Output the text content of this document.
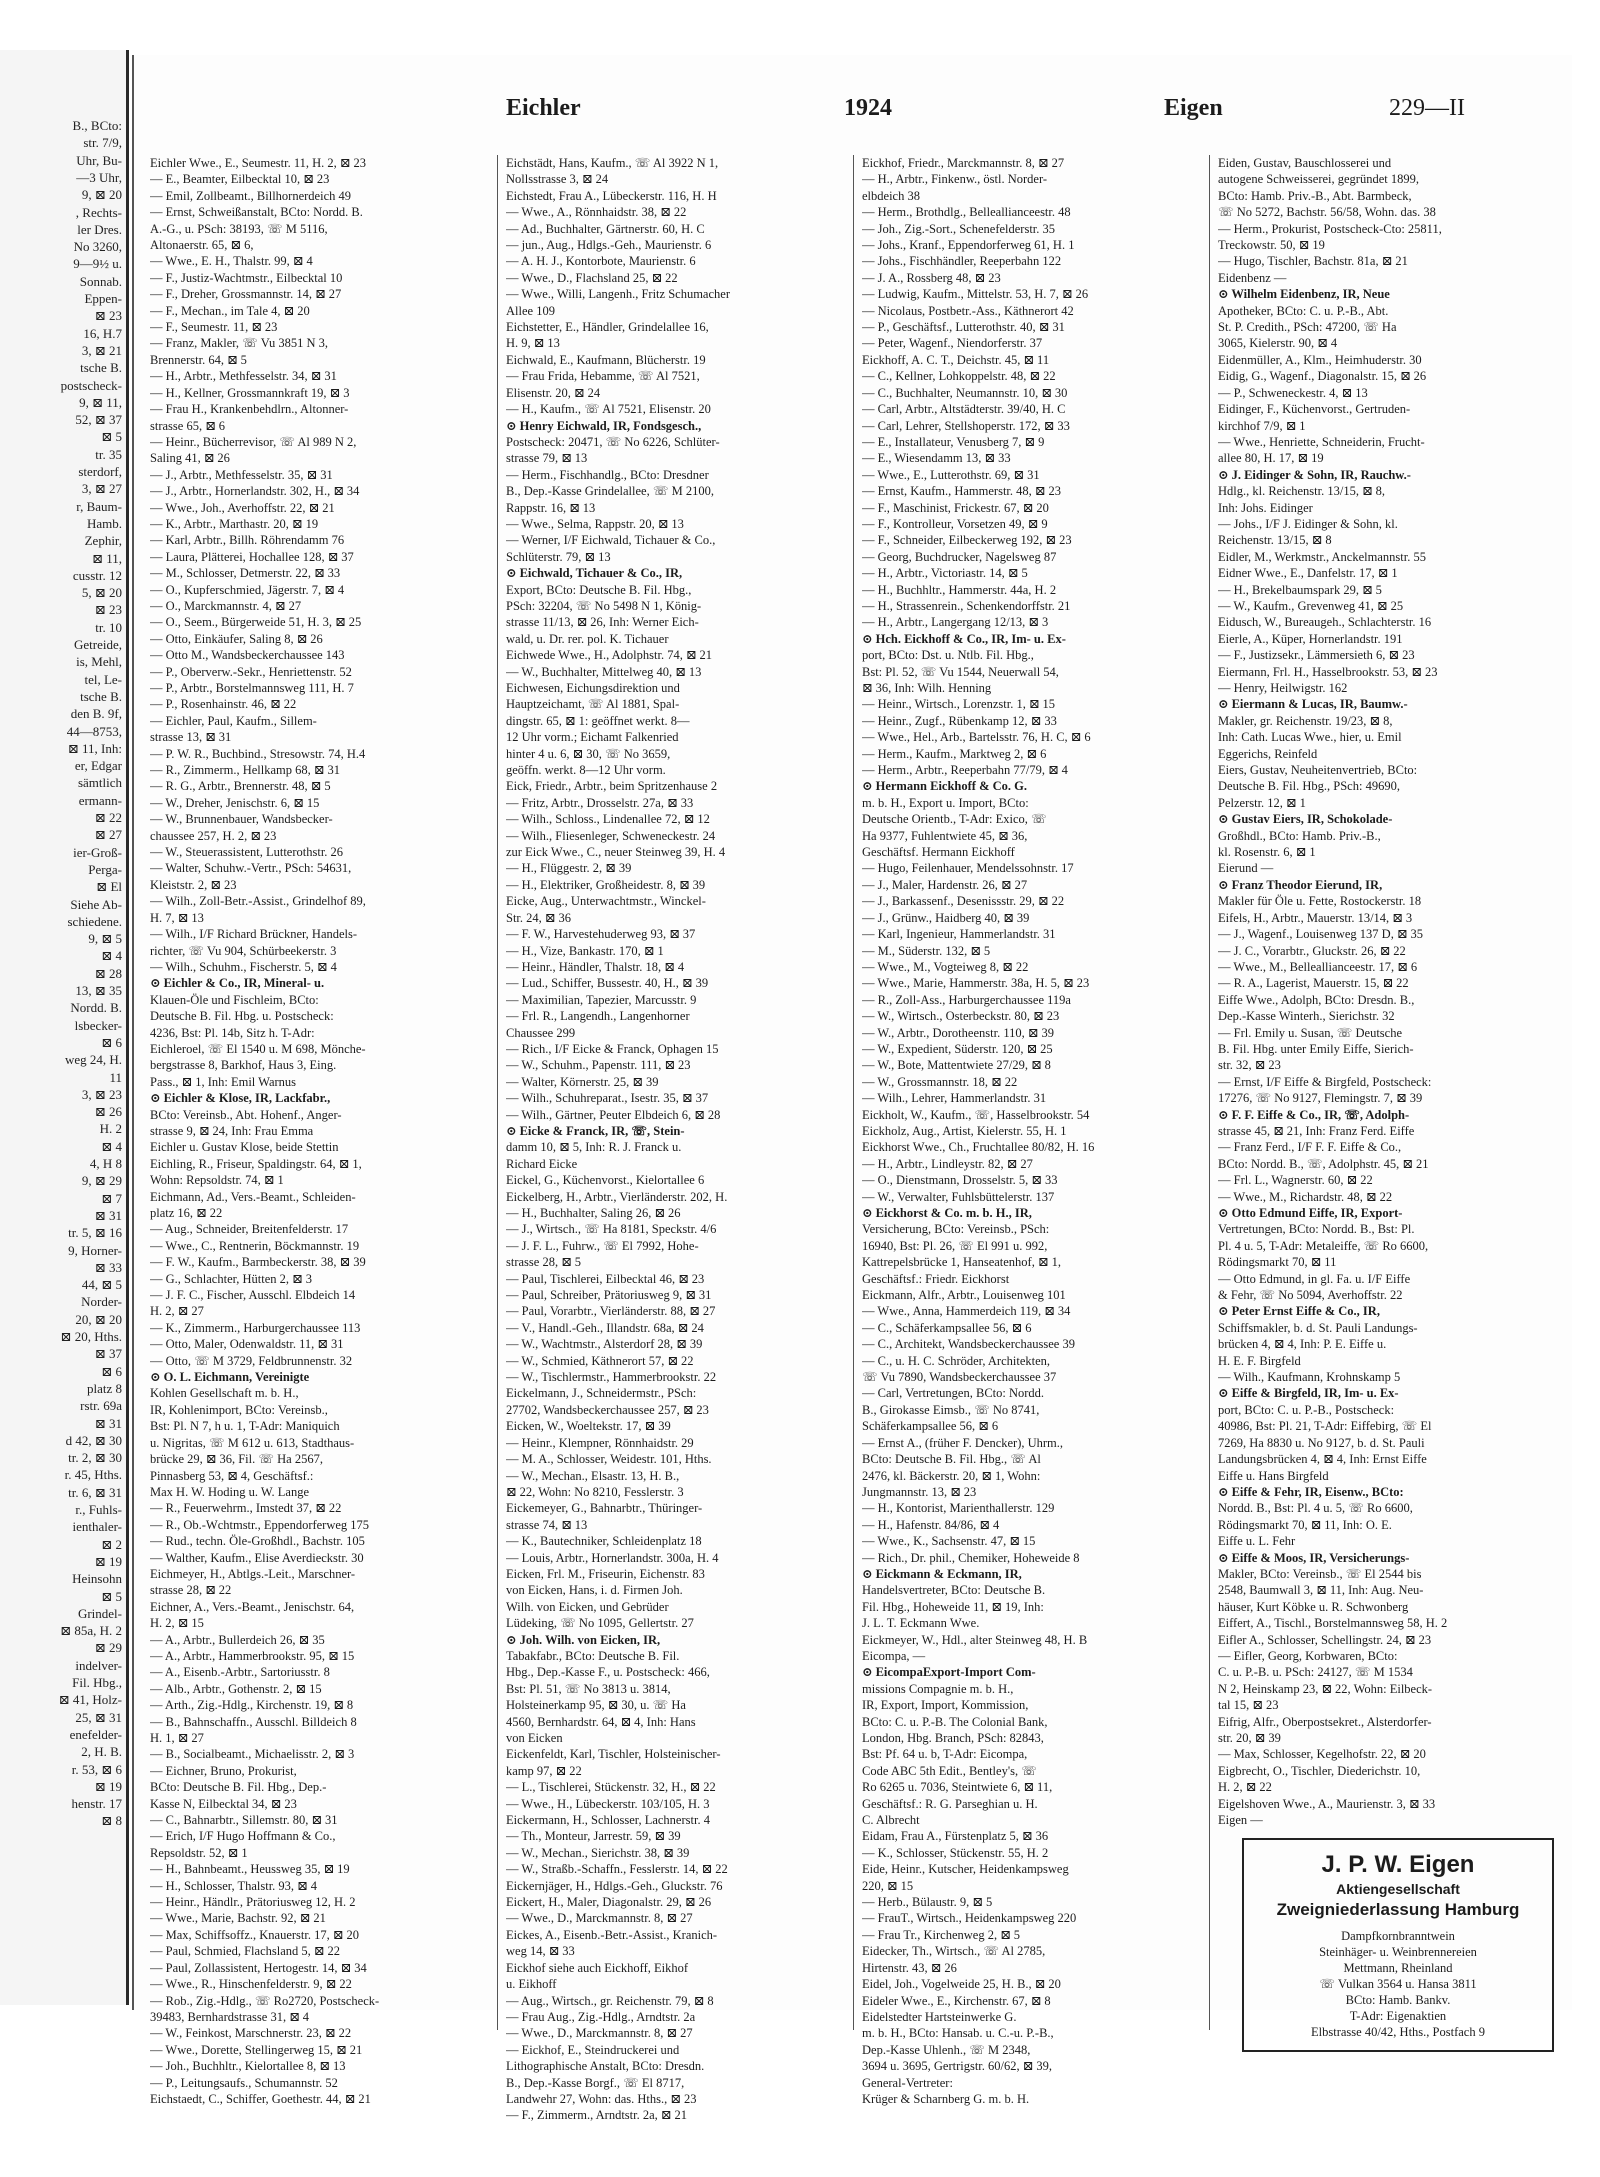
B., BCto:
str. 7/9,
Uhr, Bu-
—3 Uhr,
9, ⊠ 20
, Rechts-
ler Dres.
No 3260,
9—9½ u.
Sonnab.
Eppen-
⊠ 23
16, H.7
3, ⊠ 21
tsche B.
postscheck-
9, ⊠ 11,
52, ⊠ 37
⊠ 5
tr. 35
sterdorf,
3, ⊠ 27
r, Baum-
Hamb.
Zephir,
⊠ 11,
cusstr. 12
5, ⊠ 20
⊠ 23
tr. 10
Getreide,
is, Mehl,
tel, Le-
tsche B.
den B. 9f,
44—8753,
⊠ 11, Inh:
er, Edgar
sämtlich
ermann-
⊠ 22
⊠ 27
ier-Groß-
Perga-
⊠ El
Siehe Ab-
schiedene.
9, ⊠ 5
⊠ 4
⊠ 28
13, ⊠ 35
Nordd. B.
lsbecker-
⊠ 6
weg 24, H.
11
3, ⊠ 23
⊠ 26
H. 2
⊠ 4
4, H 8
9, ⊠ 29
⊠ 7
⊠ 31
tr. 5, ⊠ 16
9, Horner-
⊠ 33
44, ⊠ 5
Norder-
20, ⊠ 20
⊠ 20, Hths.
⊠ 37
⊠ 6
platz 8
rstr. 69a
⊠ 31
d 42, ⊠ 30
tr. 2, ⊠ 30
r. 45, Hths.
tr. 6, ⊠ 31
r., Fuhls-
ienthaler-
⊠ 2
⊠ 19
Heinsohn
⊠ 5
Grindel-
⊠ 85a, H. 2
⊠ 29
indelver-
Fil. Hbg.,
⊠ 41, Holz-
25, ⊠ 31
enefelder-
2, H. B.
r. 53, ⊠ 6
⊠ 19
henstr. 17
⊠ 8
Eichler	1924	Eigen	229—II
Eichler Wwe., E., Seumestr. 11, H. 2, ⊠ 23
— E., Beamter, Eilbecktal 10, ⊠ 23
— Emil, Zollbeamt., Billhornerdeich 49
— Ernst, Schweißanstalt, BCto: Nordd. B.
A.-G., u. PSch: 38193, ☏ M 5116,
Altonaerstr. 65, ⊠ 6,
— Wwe., E. H., Thalstr. 99, ⊠ 4
— F., Justiz-Wachtmstr., Eilbecktal 10
— F., Dreher, Grossmannstr. 14, ⊠ 27
— F., Mechan., im Tale 4, ⊠ 20
— F., Seumestr. 11, ⊠ 23
— Franz, Makler, ☏ Vu 3851 N 3,
Brennerstr. 64, ⊠ 5
— H., Arbtr., Methfesselstr. 34, ⊠ 31
— H., Kellner, Grossmannkraft 19, ⊠ 3
— Frau H., Krankenbehdlrn., Altonner-
strasse 65, ⊠ 6
— Heinr., Bücherrevisor, ☏ Al 989 N 2,
Saling 41, ⊠ 26
— J., Arbtr., Methfesselstr. 35, ⊠ 31
— J., Arbtr., Hornerlandstr. 302, H., ⊠ 34
— Wwe., Joh., Averhoffstr. 22, ⊠ 21
— K., Arbtr., Marthastr. 20, ⊠ 19
— Karl, Arbtr., Billh. Röhrendamm 76
— Laura, Plätterei, Hochallee 128, ⊠ 37
— M., Schlosser, Detmerstr. 22, ⊠ 33
— O., Kupferschmied, Jägerstr. 7, ⊠ 4
— O., Marckmannstr. 4, ⊠ 27
— O., Seem., Bürgerweide 51, H. 3, ⊠ 25
— Otto, Einkäufer, Saling 8, ⊠ 26
— Otto M., Wandsbeckerchaussee 143
— P., Oberverw.-Sekr., Henriettenstr. 52
— P., Arbtr., Borstelmannsweg 111, H. 7
— P., Rosenhainstr. 46, ⊠ 22
— Eichler, Paul, Kaufm., Sillem-
strasse 13, ⊠ 31
— P. W. R., Buchbind., Stresowstr. 74, H.4
— R., Zimmerm., Hellkamp 68, ⊠ 31
— R. G., Arbtr., Brennerstr. 48, ⊠ 5
— W., Dreher, Jenischstr. 6, ⊠ 15
— W., Brunnenbauer, Wandsbecker-
chaussee 257, H. 2, ⊠ 23
— W., Steuerassistent, Lutterothstr. 26
— Walter, Schuhw.-Vertr., PSch: 54631,
Kleiststr. 2, ⊠ 23
— Wilh., Zoll-Betr.-Assist., Grindelhof 89,
H. 7, ⊠ 13
— Wilh., I/F Richard Brückner, Handels-
richter, ☏ Vu 904, Schürbeekerstr. 3
— Wilh., Schuhm., Fischerstr. 5, ⊠ 4
⊙ Eichler & Co., IR, Mineral- u.
Klauen-Öle und Fischleim, BCto:
Deutsche B. Fil. Hbg. u. Postscheck:
4236, Bst: Pl. 14b, Sitz h. T-Adr:
Eichleroel, ☏ El 1540 u. M 698, Mönche-
bergstrasse 8, Barkhof, Haus 3, Eing.
Pass., ⊠ 1, Inh: Emil Warnus
⊙ Eichler & Klose, IR, Lackfabr.,
BCto: Vereinsb., Abt. Hohenf., Anger-
strasse 9, ⊠ 24, Inh: Frau Emma
Eichler u. Gustav Klose, beide Stettin
Eichling, R., Friseur, Spaldingstr. 64, ⊠ 1,
Wohn: Repsoldstr. 74, ⊠ 1
Eichmann, Ad., Vers.-Beamt., Schleiden-
platz 16, ⊠ 22
— Aug., Schneider, Breitenfelderstr. 17
— Wwe., C., Rentnerin, Böckmannstr. 19
— F. W., Kaufm., Barmbeckerstr. 38, ⊠ 39
— G., Schlachter, Hütten 2, ⊠ 3
— J. F. C., Fischer, Ausschl. Elbdeich 14
H. 2, ⊠ 27
— K., Zimmerm., Harburgerchaussee 113
— Otto, Maler, Odenwaldstr. 11, ⊠ 31
— Otto, ☏ M 3729, Feldbrunnenstr. 32
⊙ O. L. Eichmann, Vereinigte
Kohlen Gesellschaft m. b. H.,
IR, Kohlenimport, BCto: Vereinsb.,
Bst: Pl. N 7, h u. 1, T-Adr: Maniquich
u. Nigritas, ☏ M 612 u. 613, Stadthaus-
brücke 29, ⊠ 36, Fil. ☏ Ha 2567,
Pinnasberg 53, ⊠ 4, Geschäftsf.:
Max H. W. Hoding u. W. Lange
— R., Feuerwehrm., Imstedt 37, ⊠ 22
— R., Ob.-Wchtmstr., Eppendorferweg 175
— Rud., techn. Öle-Großhdl., Bachstr. 105
— Walther, Kaufm., Elise Averdieckstr. 30
Eichmeyer, H., Abtlgs.-Leit., Marschner-
strasse 28, ⊠ 22
Eichner, A., Vers.-Beamt., Jenischstr. 64,
H. 2, ⊠ 15
— A., Arbtr., Bullerdeich 26, ⊠ 35
— A., Arbtr., Hammerbrookstr. 95, ⊠ 15
— A., Eisenb.-Arbtr., Sartoriusstr. 8
— Alb., Arbtr., Gothenstr. 2, ⊠ 15
— Arth., Zig.-Hdlg., Kirchenstr. 19, ⊠ 8
— B., Bahnschaffn., Ausschl. Billdeich 8
H. 1, ⊠ 27
— B., Socialbeamt., Michaelisstr. 2, ⊠ 3
— Eichner, Bruno, Prokurist,
BCto: Deutsche B. Fil. Hbg., Dep.-
Kasse N, Eilbecktal 34, ⊠ 23
— C., Bahnarbtr., Sillemstr. 80, ⊠ 31
— Erich, I/F Hugo Hoffmann & Co.,
Repsoldstr. 52, ⊠ 1
— H., Bahnbeamt., Heussweg 35, ⊠ 19
— H., Schlosser, Thalstr. 93, ⊠ 4
— Heinr., Händlr., Prätoriusweg 12, H. 2
— Wwe., Marie, Bachstr. 92, ⊠ 21
— Max, Schiffsoffz., Knauerstr. 17, ⊠ 20
— Paul, Schmied, Flachsland 5, ⊠ 22
— Paul, Zollassistent, Hertogestr. 14, ⊠ 34
— Wwe., R., Hinschenfelderstr. 9, ⊠ 22
— Rob., Zig.-Hdlg., ☏ Ro2720, Postscheck-
39483, Bernhardstrasse 31, ⊠ 4
— W., Feinkost, Marschnerstr. 23, ⊠ 22
— Wwe., Dorette, Stellingerweg 15, ⊠ 21
— Joh., Buchhltr., Kielortallee 8, ⊠ 13
— P., Leitungsaufs., Schumannstr. 52
Eichstaedt, C., Schiffer, Goethestr. 44, ⊠ 21
Eichstädt, Hans, Kaufm., ☏ Al 3922 N 1,
Nollsstrasse 3, ⊠ 24
Eichstedt, Frau A., Lübeckerstr. 116, H. H
— Wwe., A., Rönnhaidstr. 38, ⊠ 22
— Ad., Buchhalter, Gärtnerstr. 60, H. C
— jun., Aug., Hdlgs.-Geh., Maurienstr. 6
— A. H. J., Kontorbote, Maurienstr. 6
— Wwe., D., Flachsland 25, ⊠ 22
— Wwe., Willi, Langenh., Fritz Schumacher
Allee 109
Eichstetter, E., Händler, Grindelallee 16,
H. 9, ⊠ 13
Eichwald, E., Kaufmann, Blücherstr. 19
— Frau Frida, Hebamme, ☏ Al 7521,
Elisenstr. 20, ⊠ 24
— H., Kaufm., ☏ Al 7521, Elisenstr. 20
⊙ Henry Eichwald, IR, Fondsgesch.,
Postscheck: 20471, ☏ No 6226, Schlüter-
strasse 79, ⊠ 13
— Herm., Fischhandlg., BCto: Dresdner
B., Dep.-Kasse Grindelallee, ☏ M 2100,
Rappstr. 16, ⊠ 13
— Wwe., Selma, Rappstr. 20, ⊠ 13
— Werner, I/F Eichwald, Tichauer & Co.,
Schlüterstr. 79, ⊠ 13
⊙ Eichwald, Tichauer & Co., IR,
Export, BCto: Deutsche B. Fil. Hbg.,
PSch: 32204, ☏ No 5498 N 1, König-
strasse 11/13, ⊠ 26, Inh: Werner Eich-
wald, u. Dr. rer. pol. K. Tichauer
Eichwede Wwe., H., Adolphstr. 74, ⊠ 21
— W., Buchhalter, Mittelweg 40, ⊠ 13
Eichwesen, Eichungsdirektion und
Hauptzeichamt, ☏ Al 1881, Spal-
dingstr. 65, ⊠ 1: geöffnet werkt. 8—
12 Uhr vorm.; Eichamt Falkenried
hinter 4 u. 6, ⊠ 30, ☏ No 3659,
geöffn. werkt. 8—12 Uhr vorm.
Eick, Friedr., Arbtr., beim Spritzenhause 2
— Fritz, Arbtr., Drosselstr. 27a, ⊠ 33
— Wilh., Schloss., Lindenallee 72, ⊠ 12
— Wilh., Fliesenleger, Schweneckestr. 24
zur Eick Wwe., C., neuer Steinweg 39, H. 4
— H., Flüggestr. 2, ⊠ 39
— H., Elektriker, Großheidestr. 8, ⊠ 39
Eicke, Aug., Unterwachtmstr., Winckel-
Str. 24, ⊠ 36
— F. W., Harvestehuderweg 93, ⊠ 37
— H., Vize, Bankastr. 170, ⊠ 1
— Heinr., Händler, Thalstr. 18, ⊠ 4
— Lud., Schiffer, Bussestr. 40, H., ⊠ 39
— Maximilian, Tapezier, Marcusstr. 9
— Frl. R., Langendh., Langenhorner
Chaussee 299
— Rich., I/F Eicke & Franck, Ophagen 15
— W., Schuhm., Papenstr. 111, ⊠ 23
— Walter, Körnerstr. 25, ⊠ 39
— Wilh., Schuhreparat., Isestr. 35, ⊠ 37
— Wilh., Gärtner, Peuter Elbdeich 6, ⊠ 28
⊙ Eicke & Franck, IR, ☏, Stein-
damm 10, ⊠ 5, Inh: R. J. Franck u.
Richard Eicke
Eickel, G., Küchenvorst., Kielortallee 6
Eickelberg, H., Arbtr., Vierländerstr. 202, H.
— H., Buchhalter, Saling 26, ⊠ 26
— J., Wirtsch., ☏ Ha 8181, Speckstr. 4/6
— J. F. L., Fuhrw., ☏ El 7992, Hohe-
strasse 28, ⊠ 5
— Paul, Tischlerei, Eilbecktal 46, ⊠ 23
— Paul, Schreiber, Prätoriusweg 9, ⊠ 31
— Paul, Vorarbtr., Vierländerstr. 88, ⊠ 27
— V., Handl.-Geh., Illandstr. 68a, ⊠ 24
— W., Wachtmstr., Alsterdorf 28, ⊠ 39
— W., Schmied, Käthnerort 57, ⊠ 22
— W., Tischlermstr., Hammerbrookstr. 22
Eickelmann, J., Schneidermstr., PSch:
27702, Wandsbeckerchaussee 257, ⊠ 23
Eicken, W., Woeltekstr. 17, ⊠ 39
— Heinr., Klempner, Rönnhaidstr. 29
— M. A., Schlosser, Weidestr. 101, Hths.
— W., Mechan., Elsastr. 13, H. B.,
⊠ 22, Wohn: No 8210, Fesslerstr. 3
Eickemeyer, G., Bahnarbtr., Thüringer-
strasse 74, ⊠ 13
— K., Bautechniker, Schleidenplatz 18
— Louis, Arbtr., Hornerlandstr. 300a, H. 4
Eicken, Frl. M., Friseurin, Eichenstr. 83
von Eicken, Hans, i. d. Firmen Joh.
Wilh. von Eicken, und Gebrüder
Lüdeking, ☏ No 1095, Gellertstr. 27
⊙ Joh. Wilh. von Eicken, IR,
Tabakfabr., BCto: Deutsche B. Fil.
Hbg., Dep.-Kasse F., u. Postscheck: 466,
Bst: Pl. 51, ☏ No 3813 u. 3814,
Holsteinerkamp 95, ⊠ 30, u. ☏ Ha
4560, Bernhardstr. 64, ⊠ 4, Inh: Hans
von Eicken
Eickenfeldt, Karl, Tischler, Holsteinischer-
kamp 97, ⊠ 22
— L., Tischlerei, Stückenstr. 32, H., ⊠ 22
— Wwe., H., Lübeckerstr. 103/105, H. 3
Eickermann, H., Schlosser, Lachnerstr. 4
— Th., Monteur, Jarrestr. 59, ⊠ 39
— W., Mechan., Sierichstr. 38, ⊠ 39
— W., Straßb.-Schaffn., Fesslerstr. 14, ⊠ 22
Eickernjäger, H., Hdlgs.-Geh., Gluckstr. 76
Eickert, H., Maler, Diagonalstr. 29, ⊠ 26
— Wwe., D., Marckmannstr. 8, ⊠ 27
Eickes, A., Eisenb.-Betr.-Assist., Kranich-
weg 14, ⊠ 33
Eickhof siehe auch Eickhoff, Eikhof
u. Eikhoff
— Aug., Wirtsch., gr. Reichenstr. 79, ⊠ 8
— Frau Aug., Zig.-Hdlg., Arndtstr. 2a
— Wwe., D., Marckmannstr. 8, ⊠ 27
— Eickhof, E., Steindruckerei und
Lithographische Anstalt, BCto: Dresdn.
B., Dep.-Kasse Borgf., ☏ El 8717,
Landwehr 27, Wohn: das. Hths., ⊠ 23
— F., Zimmerm., Arndtstr. 2a, ⊠ 21
Eickhof, Friedr., Marckmannstr. 8, ⊠ 27
— H., Arbtr., Finkenw., östl. Norder-
elbdeich 38
— Herm., Brothdlg., Belleallianceestr. 48
— Joh., Zig.-Sort., Schenefelderstr. 35
— Johs., Kranf., Eppendorferweg 61, H. 1
— Johs., Fischhändler, Reeperbahn 122
— J. A., Rossberg 48, ⊠ 23
— Ludwig, Kaufm., Mittelstr. 53, H. 7, ⊠ 26
— Nicolaus, Postbetr.-Ass., Käthnerort 42
— P., Geschäftsf., Lutterothstr. 40, ⊠ 31
— Peter, Wagenf., Niendorferstr. 37
Eickhoff, A. C. T., Deichstr. 45, ⊠ 11
— C., Kellner, Lohkoppelstr. 48, ⊠ 22
— C., Buchhalter, Neumannstr. 10, ⊠ 30
— Carl, Arbtr., Altstädterstr. 39/40, H. C
— Carl, Lehrer, Stellshoperstr. 172, ⊠ 33
— E., Installateur, Venusberg 7, ⊠ 9
— E., Wiesendamm 13, ⊠ 33
— Wwe., E., Lutterothstr. 69, ⊠ 31
— Ernst, Kaufm., Hammerstr. 48, ⊠ 23
— F., Maschinist, Frickestr. 67, ⊠ 20
— F., Kontrolleur, Vorsetzen 49, ⊠ 9
— F., Schneider, Eilbeckerweg 192, ⊠ 23
— Georg, Buchdrucker, Nagelsweg 87
— H., Arbtr., Victoriastr. 14, ⊠ 5
— H., Buchhltr., Hammerstr. 44a, H. 2
— H., Strassenrein., Schenkendorffstr. 21
— H., Arbtr., Langergang 12/13, ⊠ 3
⊙ Hch. Eickhoff & Co., IR, Im- u. Ex-
port, BCto: Dst. u. Ntlb. Fil. Hbg.,
Bst: Pl. 52, ☏ Vu 1544, Neuerwall 54,
⊠ 36, Inh: Wilh. Henning
— Heinr., Wirtsch., Lorenzstr. 1, ⊠ 15
— Heinr., Zugf., Rübenkamp 12, ⊠ 33
— Wwe., Hel., Arb., Bartelsstr. 76, H. C, ⊠ 6
— Herm., Kaufm., Marktweg 2, ⊠ 6
— Herm., Arbtr., Reeperbahn 77/79, ⊠ 4
⊙ Hermann Eickhoff & Co. G.
m. b. H., Export u. Import, BCto:
Deutsche Orientb., T-Adr: Exico, ☏
Ha 9377, Fuhlentwiete 45, ⊠ 36,
Geschäftsf. Hermann Eickhoff
— Hugo, Feilenhauer, Mendelssohnstr. 17
— J., Maler, Hardenstr. 26, ⊠ 27
— J., Barkassenf., Desenissstr. 29, ⊠ 22
— J., Grünw., Haidberg 40, ⊠ 39
— Karl, Ingenieur, Hammerlandstr. 31
— M., Süderstr. 132, ⊠ 5
— Wwe., M., Vogteiweg 8, ⊠ 22
— Wwe., Marie, Hammerstr. 38a, H. 5, ⊠ 23
— R., Zoll-Ass., Harburgerchaussee 119a
— W., Wirtsch., Osterbeckstr. 80, ⊠ 23
— W., Arbtr., Dorotheenstr. 110, ⊠ 39
— W., Expedient, Süderstr. 120, ⊠ 25
— W., Bote, Mattentwiete 27/29, ⊠ 8
— W., Grossmannstr. 18, ⊠ 22
— Wilh., Lehrer, Hammerlandstr. 31
Eickholt, W., Kaufm., ☏, Hasselbrookstr. 54
Eickholz, Aug., Artist, Kielerstr. 55, H. 1
Eickhorst Wwe., Ch., Fruchtallee 80/82, H. 16
— H., Arbtr., Lindleystr. 82, ⊠ 27
— O., Dienstmann, Drosselstr. 5, ⊠ 33
— W., Verwalter, Fuhlsbüttelerstr. 137
⊙ Eickhorst & Co. m. b. H., IR,
Versicherung, BCto: Vereinsb., PSch:
16940, Bst: Pl. 26, ☏ El 991 u. 992,
Kattrepelsbrücke 1, Hanseatenhof, ⊠ 1,
Geschäftsf.: Friedr. Eickhorst
Eickmann, Alfr., Arbtr., Louisenweg 101
— Wwe., Anna, Hammerdeich 119, ⊠ 34
— C., Schäferkampsallee 56, ⊠ 6
— C., Architekt, Wandsbeckerchaussee 39
— C., u. H. C. Schröder, Architekten,
☏ Vu 7890, Wandsbeckerchaussee 37
— Carl, Vertretungen, BCto: Nordd.
B., Girokasse Eimsb., ☏ No 8741,
Schäferkampsallee 56, ⊠ 6
— Ernst A., (früher F. Dencker), Uhrm.,
BCto: Deutsche B. Fil. Hbg., ☏ Al
2476, kl. Bäckerstr. 20, ⊠ 1, Wohn:
Jungmannstr. 13, ⊠ 23
— H., Kontorist, Marienthallerstr. 129
— H., Hafenstr. 84/86, ⊠ 4
— Wwe., K., Sachsenstr. 47, ⊠ 15
— Rich., Dr. phil., Chemiker, Hoheweide 8
⊙ Eickmann & Eckmann, IR,
Handelsvertreter, BCto: Deutsche B.
Fil. Hbg., Hoheweide 11, ⊠ 19, Inh:
J. L. T. Eckmann Wwe.
Eickmeyer, W., Hdl., alter Steinweg 48, H. B
Eicompa, —
⊙ EicompaExport-Import Com-
missions Compagnie m. b. H.,
IR, Export, Import, Kommission,
BCto: C. u. P.-B. The Colonial Bank,
London, Hbg. Branch, PSch: 82843,
Bst: Pf. 64 u. b, T-Adr: Eicompa,
Code ABC 5th Edit., Bentley's, ☏
Ro 6265 u. 7036, Steintwiete 6, ⊠ 11,
Geschäftsf.: R. G. Parseghian u. H.
C. Albrecht
Eidam, Frau A., Fürstenplatz 5, ⊠ 36
— K., Schlosser, Stückenstr. 55, H. 2
Eide, Heinr., Kutscher, Heidenkampsweg
220, ⊠ 15
— Herb., Bülaustr. 9, ⊠ 5
— FrauT., Wirtsch., Heidenkampsweg 220
— Frau Tr., Kirchenweg 2, ⊠ 5
Eidecker, Th., Wirtsch., ☏ Al 2785,
Hirtenstr. 43, ⊠ 26
Eidel, Joh., Vogelweide 25, H. B., ⊠ 20
Eideler Wwe., E., Kirchenstr. 67, ⊠ 8
Eidelstedter Hartsteinwerke G.
m. b. H., BCto: Hansab. u. C.-u. P.-B.,
Dep.-Kasse Uhlenh., ☏ M 2348,
3694 u. 3695, Gertrigstr. 60/62, ⊠ 39,
General-Vertreter:
Krüger & Scharnberg G. m. b. H.
Eiden, Gustav, Bauschlosserei und
autogene Schweisserei, gegründet 1899,
BCto: Hamb. Priv.-B., Abt. Barmbeck,
☏ No 5272, Bachstr. 56/58, Wohn. das. 38
— Herm., Prokurist, Postscheck-Cto: 25811,
Treckowstr. 50, ⊠ 19
— Hugo, Tischler, Bachstr. 81a, ⊠ 21
Eidenbenz —
⊙ Wilhelm Eidenbenz, IR, Neue
Apotheker, BCto: C. u. P.-B., Abt.
St. P. Credith., PSch: 47200, ☏ Ha
3065, Kielerstr. 90, ⊠ 4
Eidenmüller, A., Klm., Heimhuderstr. 30
Eidig, G., Wagenf., Diagonalstr. 15, ⊠ 26
— P., Schweneckestr. 4, ⊠ 13
Eidinger, F., Küchenvorst., Gertruden-
kirchhof 7/9, ⊠ 1
— Wwe., Henriette, Schneiderin, Frucht-
allee 80, H. 17, ⊠ 19
⊙ J. Eidinger & Sohn, IR, Rauchw.-
Hdlg., kl. Reichenstr. 13/15, ⊠ 8,
Inh: Johs. Eidinger
— Johs., I/F J. Eidinger & Sohn, kl.
Reichenstr. 13/15, ⊠ 8
Eidler, M., Werkmstr., Anckelmannstr. 55
Eidner Wwe., E., Danfelstr. 17, ⊠ 1
— H., Brekelbaumspark 29, ⊠ 5
— W., Kaufm., Grevenweg 41, ⊠ 25
Eidusch, W., Bureaugeh., Schlachterstr. 16
Eierle, A., Küper, Hornerlandstr. 191
— F., Justizsekr., Lämmersieth 6, ⊠ 23
Eiermann, Frl. H., Hasselbrookstr. 53, ⊠ 23
— Henry, Heilwigstr. 162
⊙ Eiermann & Lucas, IR, Baumw.-
Makler, gr. Reichenstr. 19/23, ⊠ 8,
Inh: Cath. Lucas Wwe., hier, u. Emil
Eggerichs, Reinfeld
Eiers, Gustav, Neuheitenvertrieb, BCto:
Deutsche B. Fil. Hbg., PSch: 49690,
Pelzerstr. 12, ⊠ 1
⊙ Gustav Eiers, IR, Schokolade-
Großhdl., BCto: Hamb. Priv.-B.,
kl. Rosenstr. 6, ⊠ 1
Eierund —
⊙ Franz Theodor Eierund, IR,
Makler für Öle u. Fette, Rostockerstr. 18
Eifels, H., Arbtr., Mauerstr. 13/14, ⊠ 3
— J., Wagenf., Louisenweg 137 D, ⊠ 35
— J. C., Vorarbtr., Gluckstr. 26, ⊠ 22
— Wwe., M., Belleallianceestr. 17, ⊠ 6
— R. A., Lagerist, Mauerstr. 15, ⊠ 22
Eiffe Wwe., Adolph, BCto: Dresdn. B.,
Dep.-Kasse Winterh., Sierichstr. 32
— Frl. Emily u. Susan, ☏ Deutsche
B. Fil. Hbg. unter Emily Eiffe, Sierich-
str. 32, ⊠ 23
— Ernst, I/F Eiffe & Birgfeld, Postscheck:
17276, ☏ No 9127, Flemingstr. 7, ⊠ 39
⊙ F. F. Eiffe & Co., IR, ☏, Adolph-
strasse 45, ⊠ 21, Inh: Franz Ferd. Eiffe
— Franz Ferd., I/F F. F. Eiffe & Co.,
BCto: Nordd. B., ☏, Adolphstr. 45, ⊠ 21
— Frl. L., Wagnerstr. 60, ⊠ 22
— Wwe., M., Richardstr. 48, ⊠ 22
⊙ Otto Edmund Eiffe, IR, Export-
Vertretungen, BCto: Nordd. B., Bst: Pl.
Pl. 4 u. 5, T-Adr: Metaleiffe, ☏ Ro 6600,
Rödingsmarkt 70, ⊠ 11
— Otto Edmund, in gl. Fa. u. I/F Eiffe
& Fehr, ☏ No 5094, Averhoffstr. 22
⊙ Peter Ernst Eiffe & Co., IR,
Schiffsmakler, b. d. St. Pauli Landungs-
brücken 4, ⊠ 4, Inh: P. E. Eiffe u.
H. E. F. Birgfeld
— Wilh., Kaufmann, Krohnskamp 5
⊙ Eiffe & Birgfeld, IR, Im- u. Ex-
port, BCto: C. u. P.-B., Postscheck:
40986, Bst: Pl. 21, T-Adr: Eiffebirg, ☏ El
7269, Ha 8830 u. No 9127, b. d. St. Pauli
Landungsbrücken 4, ⊠ 4, Inh: Ernst Eiffe
Eiffe u. Hans Birgfeld
⊙ Eiffe & Fehr, IR, Eisenw., BCto:
Nordd. B., Bst: Pl. 4 u. 5, ☏ Ro 6600,
Rödingsmarkt 70, ⊠ 11, Inh: O. E.
Eiffe u. L. Fehr
⊙ Eiffe & Moos, IR, Versicherungs-
Makler, BCto: Vereinsb., ☏ El 2544 bis
2548, Baumwall 3, ⊠ 11, Inh: Aug. Neu-
häuser, Kurt Köbke u. R. Schwonberg
Eiffert, A., Tischl., Borstelmannsweg 58, H. 2
Eifler A., Schlosser, Schellingstr. 24, ⊠ 23
— Eifler, Georg, Korbwaren, BCto:
C. u. P.-B. u. PSch: 24127, ☏ M 1534
N 2, Heinskamp 23, ⊠ 22, Wohn: Eilbeck-
tal 15, ⊠ 23
Eifrig, Alfr., Oberpostsekret., Alsterdorfer-
str. 20, ⊠ 39
— Max, Schlosser, Kegelhofstr. 22, ⊠ 20
Eigbrecht, O., Tischler, Diederichstr. 10,
H. 2, ⊠ 22
Eigelshoven Wwe., A., Maurienstr. 3, ⊠ 33
Eigen —
J. P. W. Eigen
Aktiengesellschaft
Zweigniederlassung Hamburg
Dampfkornbranntwein
Steinhäger- u. Weinbrennereien
Mettmann, Rheinland
☏ Vulkan 3564 u. Hansa 3811
BCto: Hamb. Bankv.
T-Adr: Eigenaktien
Elbstrasse 40/42, Hths., Postfach 9
